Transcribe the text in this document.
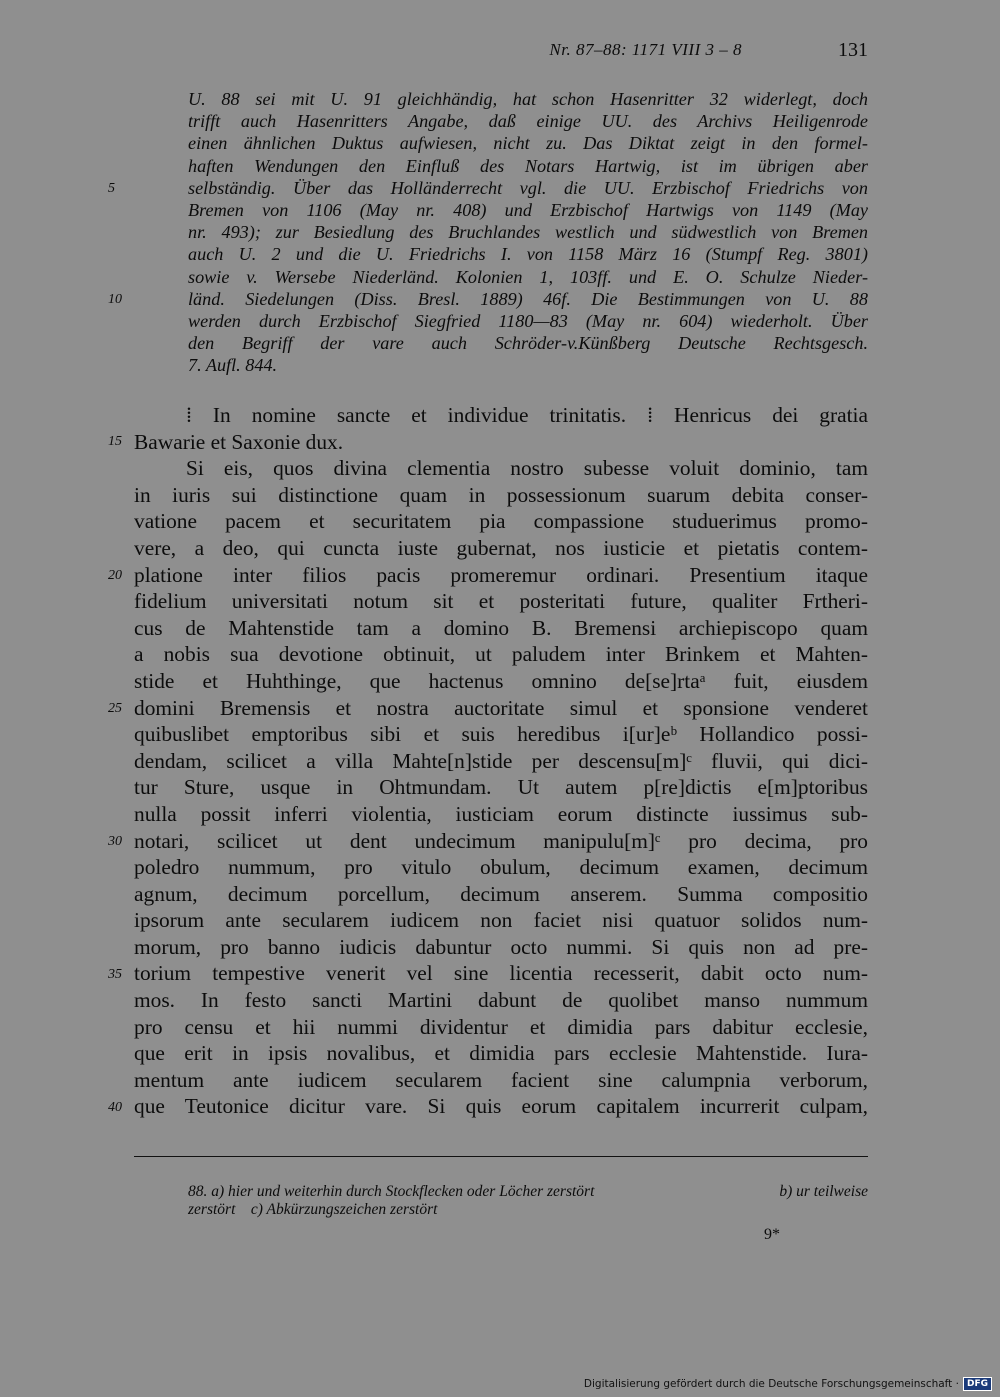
Nr. 87–88: 1171 VIII 3 – 8	131
U. 88 sei mit U. 91 gleichhändig, hat schon Hasenritter 32 widerlegt, doch
trifft auch Hasenritters Angabe, daß einige UU. des Archivs Heiligenrode
einen ähnlichen Duktus aufwiesen, nicht zu. Das Diktat zeigt in den formel-
haften Wendungen den Einfluß des Notars Hartwig, ist im übrigen aber
selbständig. Über das Holländerrecht vgl. die UU. Erzbischof Friedrichs von
Bremen von 1106 (May nr. 408) und Erzbischof Hartwigs von 1149 (May
nr. 493); zur Besiedlung des Bruchlandes westlich und südwestlich von Bremen
auch U. 2 und die U. Friedrichs I. von 1158 März 16 (Stumpf Reg. 3801)
sowie v. Wersebe Niederländ. Kolonien 1, 103ff. und E. O. Schulze Nieder-
länd. Siedelungen (Diss. Bresl. 1889) 46f. Die Bestimmungen von U. 88
werden durch Erzbischof Siegfried 1180—83 (May nr. 604) wiederholt. Über
den Begriff der vare auch Schröder-v.Künßberg Deutsche Rechtsgesch.
7. Aufl. 844.
5
10
⁞ In nomine sancte et individue trinitatis. ⁞ Henricus dei gratia
Bawarie et Saxonie dux.
Si eis, quos divina clementia nostro subesse voluit dominio, tam
in iuris sui distinctione quam in possessionum suarum debita conser-
vatione pacem et securitatem pia compassione studuerimus promo-
vere, a deo, qui cuncta iuste gubernat, nos iusticie et pietatis contem-
platione inter filios pacis promeremur ordinari. Presentium itaque
fidelium universitati notum sit et posteritati future, qualiter Frtheri-
cus de Mahtenstide tam a domino B. Bremensi archiepiscopo quam
a nobis sua devotione obtinuit, ut paludem inter Brinkem et Mahten-
stide et Huhthinge, que hactenus omnino de[se]rtaᵃ fuit, eiusdem
domini Bremensis et nostra auctoritate simul et sponsione venderet
quibuslibet emptoribus sibi et suis heredibus i[ur]eᵇ Hollandico possi-
dendam, scilicet a villa Mahte[n]stide per descensu[m]ᶜ fluvii, qui dici-
tur Sture, usque in Ohtmundam. Ut autem p[re]dictis e[m]ptoribus
nulla possit inferri violentia, iusticiam eorum distincte iussimus sub-
notari, scilicet ut dent undecimum manipulu[m]ᶜ pro decima, pro
poledro nummum, pro vitulo obulum, decimum examen, decimum
agnum, decimum porcellum, decimum anserem. Summa compositio
ipsorum ante secularem iudicem non faciet nisi quatuor solidos num-
morum, pro banno iudicis dabuntur octo nummi. Si quis non ad pre-
torium tempestive venerit vel sine licentia recesserit, dabit octo num-
mos. In festo sancti Martini dabunt de quolibet manso nummum
pro censu et hii nummi dividentur et dimidia pars dabitur ecclesie,
que erit in ipsis novalibus, et dimidia pars ecclesie Mahtenstide. Iura-
mentum ante iudicem secularem facient sine calumpnia verborum,
que Teutonice dicitur vare. Si quis eorum capitalem incurrerit culpam,
15
20
25
30
35
40
88. a) hier und weiterhin durch Stockflecken oder Löcher zerstört	b) ur teilweise
zerstört    c) Abkürzungszeichen zerstört
9*
Digitalisierung gefördert durch die Deutsche Forschungsgemeinschaft · DFG
